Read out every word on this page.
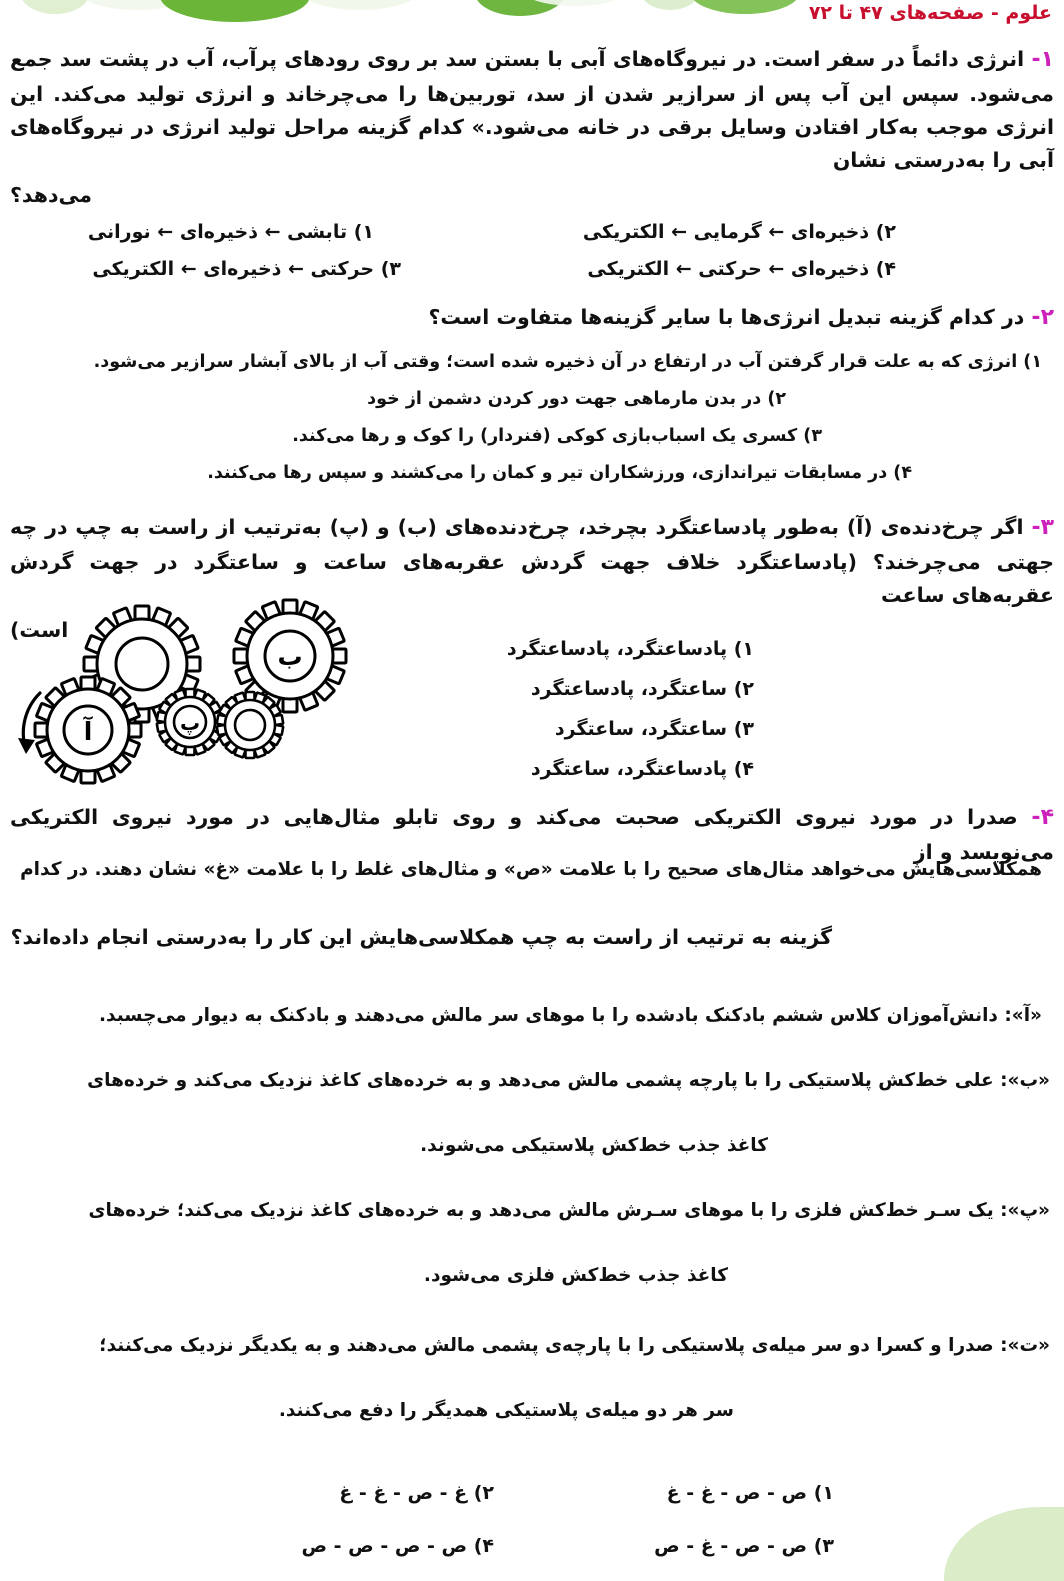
علوم - صفحه‌های ۴۷ تا ۷۲
۱- انرژی دائماً در سفر است. در نیروگاه‌های آبی با بستن سد بر روی رودهای پرآب، آب در پشت سد جمع می‌شود. سپس این آب پس از سرازیر شدن از سد، توربین‌ها را می‌چرخاند و انرژی تولید می‌کند. این انرژی موجب به‌کار افتادن وسایل برقی در خانه می‌شود.» کدام گزینه مراحل تولید انرژی در نیروگاه‌های آبی را به‌درستی نشان
می‌دهد؟
۱) تابشی ← ذخیره‌ای ← نورانی	۲) ذخیره‌ای ← گرمایی ← الکتریکی
۳) حرکتی ← ذخیره‌ای ← الکتریکی	۴) ذخیره‌ای ← حرکتی ← الکتریکی
۲- در کدام گزینه تبدیل انرژی‌ها با سایر گزینه‌ها متفاوت است؟
۱) انرژی که به علت قرار گرفتن آب در ارتفاع در آن ذخیره شده است؛ وقتی آب از بالای آبشار سرازیر می‌شود.
۲) در بدن مارماهی جهت دور کردن دشمن از خود
۳) کسری یک اسباب‌بازی کوکی (فنردار) را کوک و رها می‌کند.
۴) در مسابقات تیراندازی، ورزشکاران تیر و کمان را می‌کشند و سپس رها می‌کنند.
۳- اگر چرخ‌دنده‌ی (آ) به‌طور پادساعتگرد بچرخد، چرخ‌دنده‌های (ب) و (پ) به‌ترتیب از راست به چپ در چه جهتی می‌چرخند؟ (پادساعتگرد خلاف جهت گردش عقربه‌های ساعت و ساعتگرد در جهت گردش عقربه‌های ساعت
است)
ب
آ	پ
۱) پادساعتگرد، پادساعتگرد
۲) ساعتگرد، پادساعتگرد
۳) ساعتگرد، ساعتگرد
۴) پادساعتگرد، ساعتگرد
۴- صدرا در مورد نیروی الکتریکی صحبت می‌کند و روی تابلو مثال‌هایی در مورد نیروی الکتریکی می‌نویسد و از
همکلاسی‌هایش می‌خواهد مثال‌های صحیح را با علامت «ص» و مثال‌های غلط را با علامت «غ» نشان دهند. در کدام
گزینه به ترتیب از راست به چپ همکلاسی‌هایش این کار را به‌درستی انجام داده‌اند؟
«آ»: دانش‌آموزان کلاس ششم بادکنک بادشده را با موهای سر مالش می‌دهند و بادکنک به دیوار می‌چسبد.
«ب»: علی خط‌کش پلاستیکی را با پارچه پشمی مالش می‌دهد و به خرده‌های کاغذ نزدیک می‌کند و خرده‌های
کاغذ جذب خط‌کش پلاستیکی می‌شوند.
«پ»: یک سـر خط‌کش فلزی را با موهای سـرش مالش می‌دهد و به خرده‌های کاغذ نزدیک می‌کند؛ خرده‌های
کاغذ جذب خط‌کش فلزی می‌شود.
«ت»: صدرا و کسرا دو سر میله‌ی پلاستیکی را با پارچه‌ی پشمی مالش می‌دهند و به یکدیگر نزدیک می‌کنند؛
سر هر دو میله‌ی پلاستیکی همدیگر را دفع می‌کنند.
۱) ص - ص - غ - غ
۲) غ - ص - غ - غ
۳) ص - ص - غ - ص
۴) ص - ص - ص - ص
